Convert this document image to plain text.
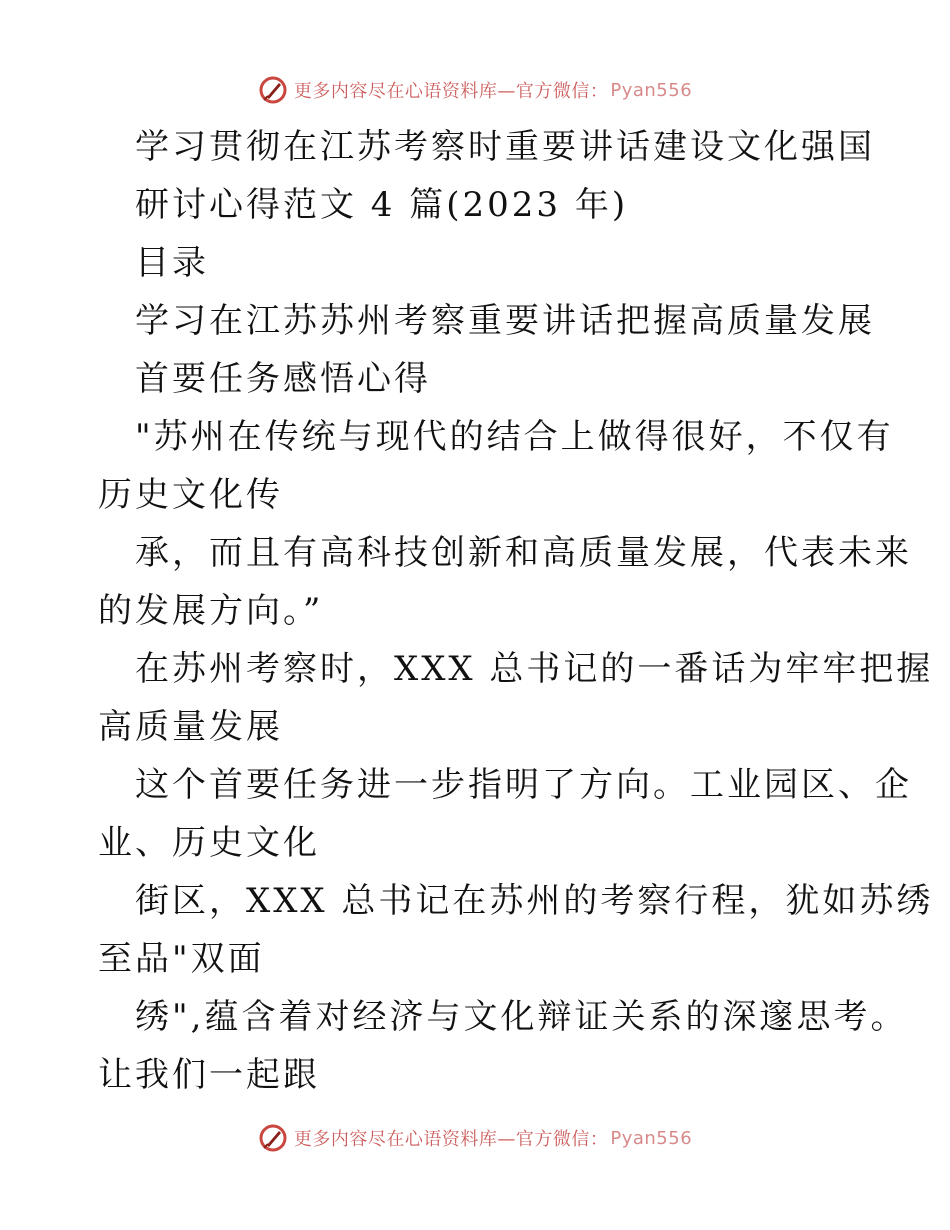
更多内容尽在心语资料库—官方微信： Pyan556
学习贯彻在江苏考察时重要讲话建设文化强国
研讨心得范文 4 篇(2023 年)
目录
学习在江苏苏州考察重要讲话把握高质量发展
首要任务感悟心得
"苏州在传统与现代的结合上做得很好，不仅有
历史文化传
承，而且有高科技创新和高质量发展，代表未来
的发展方向。”
在苏州考察时，XXX 总书记的一番话为牢牢把握
高质量发展
这个首要任务进一步指明了方向。工业园区、企
业、历史文化
街区，XXX 总书记在苏州的考察行程，犹如苏绣
至品"双面
绣",蕴含着对经济与文化辩证关系的深邃思考。
让我们一起跟
更多内容尽在心语资料库—官方微信： Pyan556
